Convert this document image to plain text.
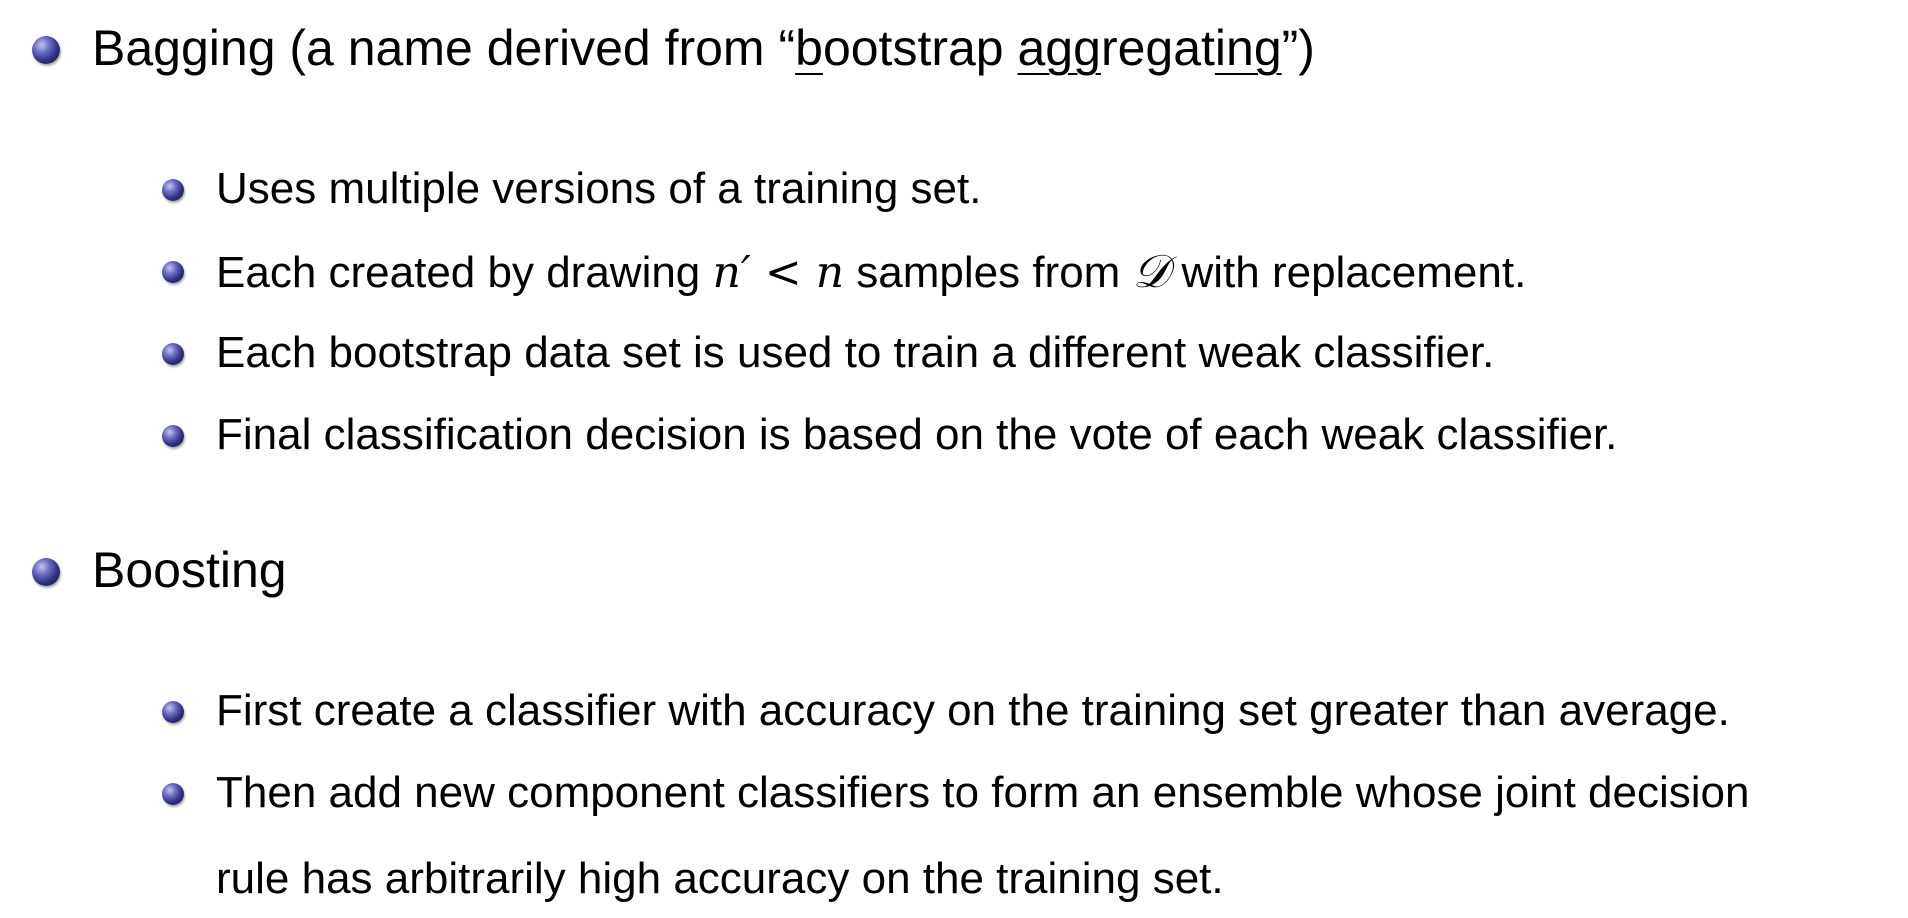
Bagging (a name derived from “bootstrap aggregating”)
Uses multiple versions of a training set.
Each created by drawing n′ < n samples from 𝒟 with replacement.
Each bootstrap data set is used to train a different weak classifier.
Final classification decision is based on the vote of each weak classifier.
Boosting
First create a classifier with accuracy on the training set greater than average.
Then add new component classifiers to form an ensemble whose joint decision
rule has arbitrarily high accuracy on the training set.
